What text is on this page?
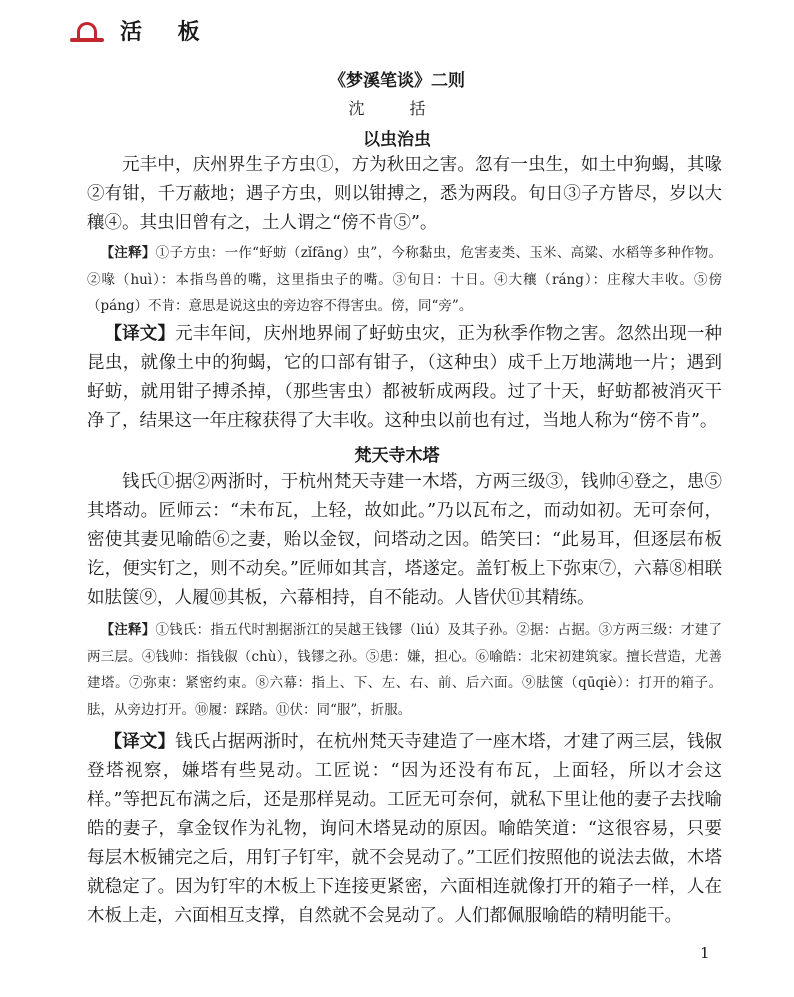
活 板
《梦溪笔谈》二则
沈 括
以虫治虫

元丰中，庆州界生子方虫①，方为秋田之害。忽有一虫生，如土中狗蝎，其喙②有钳，千万蔽地；遇子方虫，则以钳搏之，悉为两段。旬日③子方皆尽，岁以大穰④。其虫旧曾有之，土人谓之“傍不肯⑤”。

【注释】①子方虫：一作“虸蚄（zǐfāng）虫”，今称黏虫，危害麦类、玉米、高粱、水稻等多种作物。②喙（huì）：本指鸟兽的嘴，这里指虫子的嘴。③旬日：十日。④大穰（ráng）：庄稼大丰收。⑤傍（páng）不肯：意思是说这虫的旁边容不得害虫。傍，同“旁”。

【译文】元丰年间，庆州地界闹了虸蚄虫灾，正为秋季作物之害。忽然出现一种昆虫，就像土中的狗蝎，它的口部有钳子，（这种虫）成千上万地满地一片；遇到虸蚄，就用钳子搏杀掉，（那些害虫）都被斩成两段。过了十天，虸蚄都被消灭干净了，结果这一年庄稼获得了大丰收。这种虫以前也有过，当地人称为“傍不肯”。

梵天寺木塔

钱氏①据②两浙时，于杭州梵天寺建一木塔，方两三级③，钱帅④登之，患⑤其塔动。匠师云：“未布瓦，上轻，故如此。”乃以瓦布之，而动如初。无可奈何，密使其妻见喻皓⑥之妻，贻以金钗，问塔动之因。皓笑曰：“此易耳，但逐层布板讫，便实钉之，则不动矣。”匠师如其言，塔遂定。盖钉板上下弥束⑦，六幕⑧相联如胠箧⑨，人履⑩其板，六幕相持，自不能动。人皆伏⑪其精练。

【注释】①钱氏：指五代时割据浙江的吴越王钱镠（liú）及其子孙。②据：占据。③方两三级：才建了两三层。④钱帅：指钱俶（chù），钱镠之孙。⑤患：嫌，担心。⑥喻皓：北宋初建筑家。擅长营造，尤善建塔。⑦弥束：紧密约束。⑧六幕：指上、下、左、右、前、后六面。⑨胠箧（qūqiè）：打开的箱子。胠，从旁边打开。⑩履：踩踏。⑪伏：同“服”，折服。

【译文】钱氏占据两浙时，在杭州梵天寺建造了一座木塔，才建了两三层，钱俶登塔视察，嫌塔有些晃动。工匠说：“因为还没有布瓦，上面轻，所以才会这样。”等把瓦布满之后，还是那样晃动。工匠无可奈何，就私下里让他的妻子去找喻皓的妻子，拿金钗作为礼物，询问木塔晃动的原因。喻皓笑道：“这很容易，只要每层木板铺完之后，用钉子钉牢，就不会晃动了。”工匠们按照他的说法去做，木塔就稳定了。因为钉牢的木板上下连接更紧密，六面相连就像打开的箱子一样，人在木板上走，六面相互支撑，自然就不会晃动了。人们都佩服喻皓的精明能干。

1
